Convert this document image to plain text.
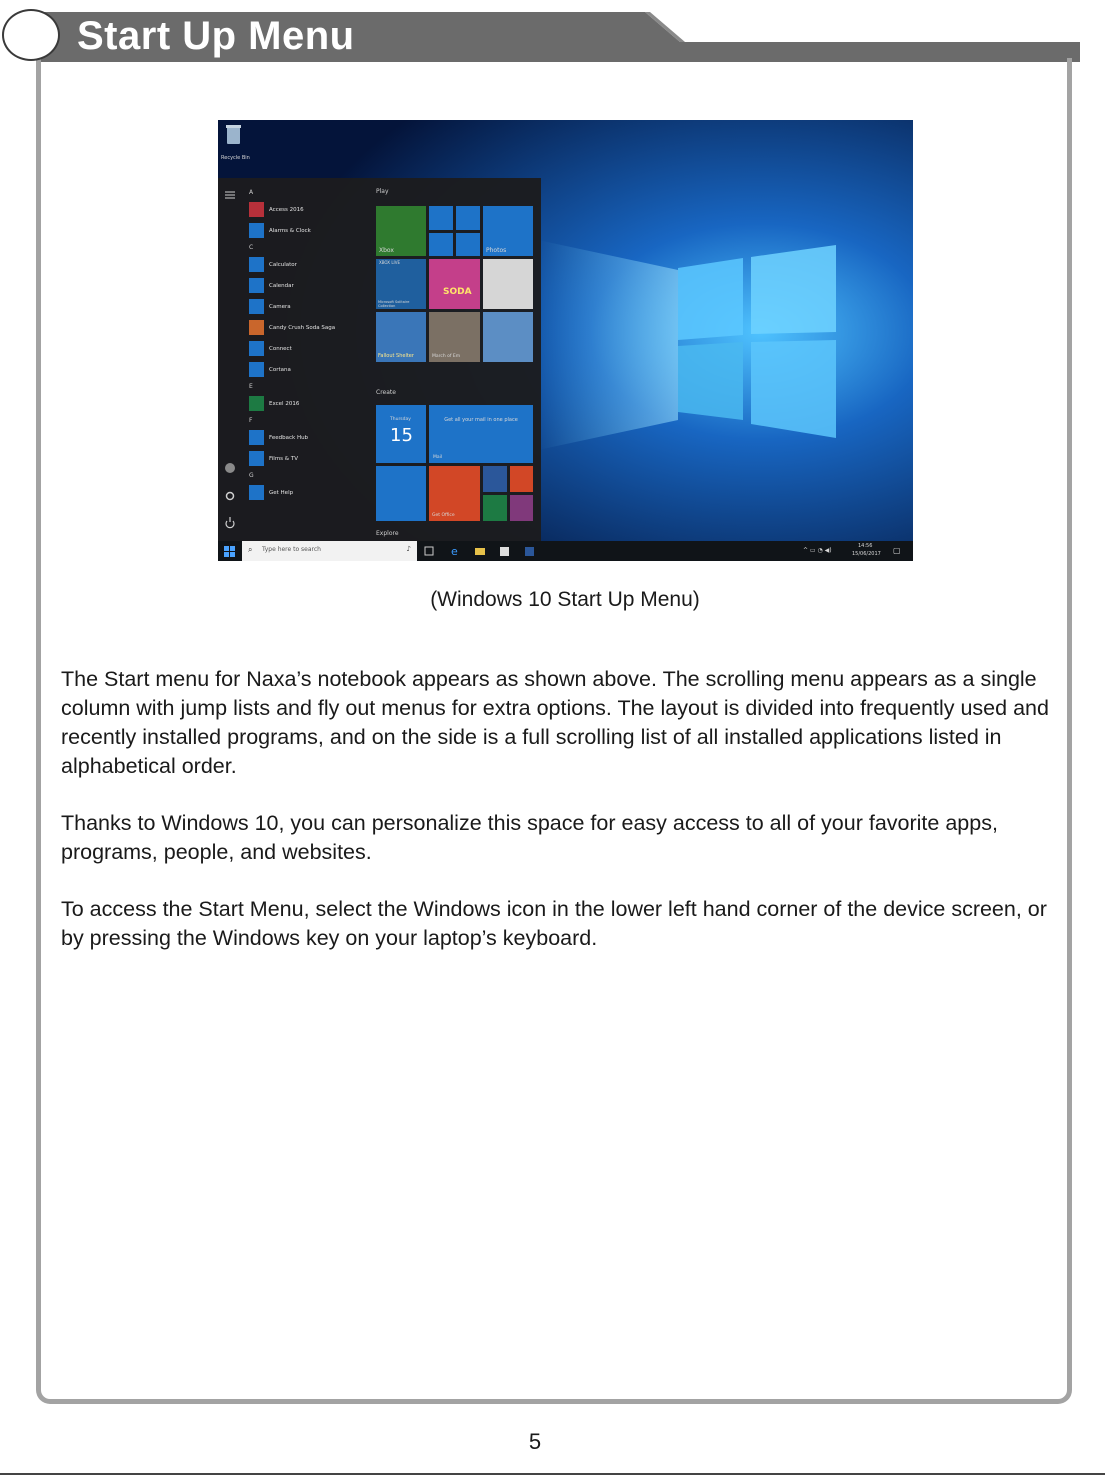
Start Up Menu
Recycle Bin
A
Access 2016
Alarms & Clock
C
Calculator
Calendar
Camera
Candy Crush Soda Saga
Connect
Cortana
E
Excel 2016
F
Feedback Hub
Films & TV
G
Get Help
Play
Xbox	Photos
XBOX LIVE
Microsoft Solitaire Collection
SODA
Fallout Shelter	March of Em
Create
Thursday
15
Get all your mail in one place
Mail
Get Office
Explore
⌕ Type here to search	♪	e	^ ▭ ◔ ◀)
14:56
15/06/2017 ▢
(Windows 10 Start Up Menu)

The Start menu for Naxa’s notebook appears as shown above. The scrolling menu appears as a single column with jump lists and fly out menus for extra options. The layout is divided into frequently used and recently installed programs, and on the side is a full scrolling list of all installed applications listed in alphabetical order.

Thanks to Windows 10, you can personalize this space for easy access to all of your favorite apps, programs, people, and websites.

To access the Start Menu, select the Windows icon in the lower left hand corner of the device screen, or by pressing the Windows key on your laptop’s keyboard.

5
